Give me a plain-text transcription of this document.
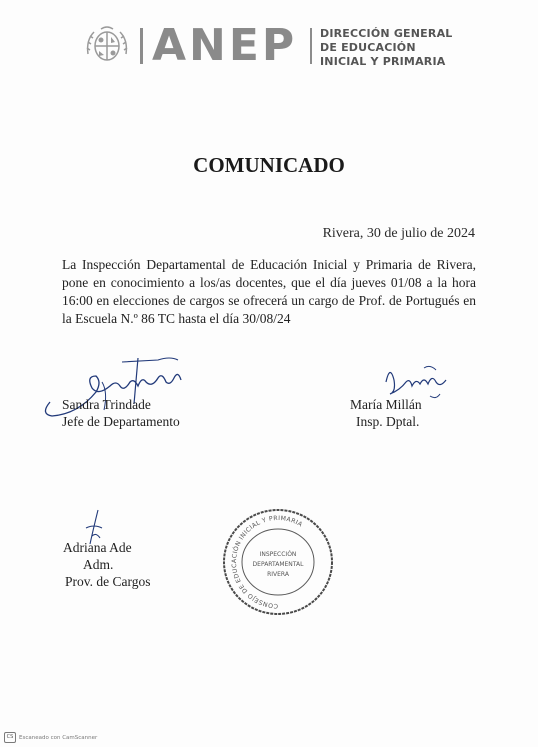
ANEP DIRECCIÓN GENERAL
DE EDUCACIÓN
INICIAL Y PRIMARIA
COMUNICADO
Rivera, 30 de julio de 2024
La Inspección Departamental de Educación Inicial y Primaria de Rivera, pone en conocimiento a los/as docentes, que el día jueves 01/08 a la hora 16:00 en elecciones de cargos se ofrecerá un cargo de Prof. de Portugués en la Escuela N.º 86 TC hasta el día 30/08/24
Sandra Trindade
Jefe de Departamento
María Millán
Insp. Dptal.
Adriana Ade
Adm.
Prov. de Cargos
CONSEJO DE EDUCACIÓN INICIAL Y PRIMARIA
INSPECCIÓN
DEPARTAMENTAL
RIVERA
CS	Escaneado con CamScanner
